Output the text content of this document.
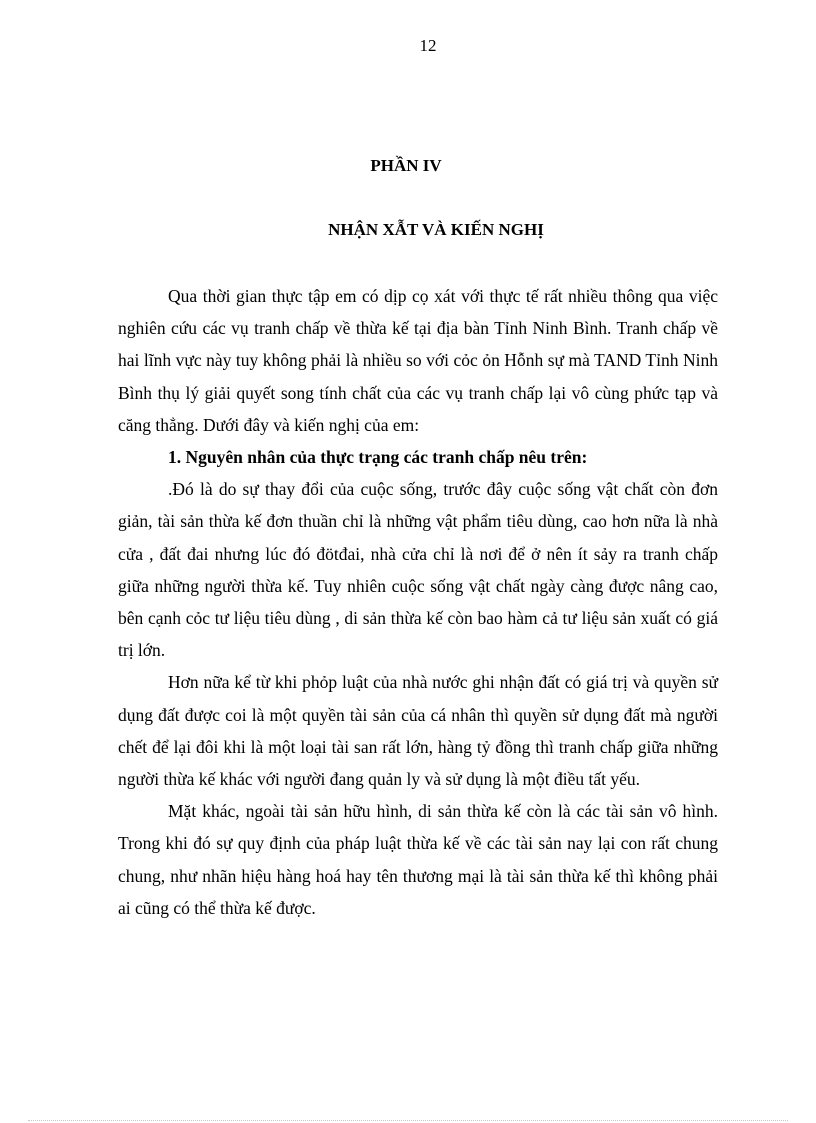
12
PHẦN IV
NHẬN XẪT VÀ KIẾN NGHỊ

Qua thời gian thực tập em có dịp cọ xát với thực tế rất nhiều thông qua việc nghiên cứu các vụ tranh chấp về thừa kế tại địa bàn Tỉnh Ninh Bình. Tranh chấp về hai lĩnh vực này tuy không phải là nhiều so với cỏc ỏn Hỗnh sự mà TAND Tỉnh Ninh Bình thụ lý giải quyết song tính chất của các vụ tranh chấp lại vô cùng phức tạp và căng thẳng. Dưới đây và kiến nghị của em:

1. Nguyên nhân của thực trạng các tranh chấp nêu trên:

.Đó là do sự thay đổi của cuộc sống, trước đây cuộc sống vật chất còn đơn giản, tài sản thừa kế đơn thuần chỉ là những vật phẩm tiêu dùng, cao hơn nữa là nhà cửa , đất đai nhưng lúc đó đötđai, nhà cửa chỉ là nơi để ở nên ít sảy ra tranh chấp giữa những người thừa kế. Tuy nhiên cuộc sống vật chất ngày càng được nâng cao, bên cạnh cỏc tư liệu tiêu dùng , di sản thừa kế còn bao hàm cả tư liệu sản xuất có giá trị lớn.

Hơn nữa kể từ khi phỏp luật của nhà nước ghi nhận đất có giá trị và quyền sử dụng đất được coi là một quyền tài sản của cá nhân thì quyền sử dụng đất mà người chết để lại đôi khi là một loại tài san rất lớn, hàng tỷ đồng thì tranh chấp giữa những người thừa kế khác với người đang quản ly và sử dụng là một điều tất yếu.

Mặt khác, ngoài tài sản hữu hình, di sản thừa kế còn là các tài sản vô hình. Trong khi đó sự quy định của pháp luật thừa kế về các tài sản nay lại con rất chung chung, như nhãn hiệu hàng hoá hay tên thương mại là tài sản thừa kế thì không phải ai cũng có thể thừa kế được.
